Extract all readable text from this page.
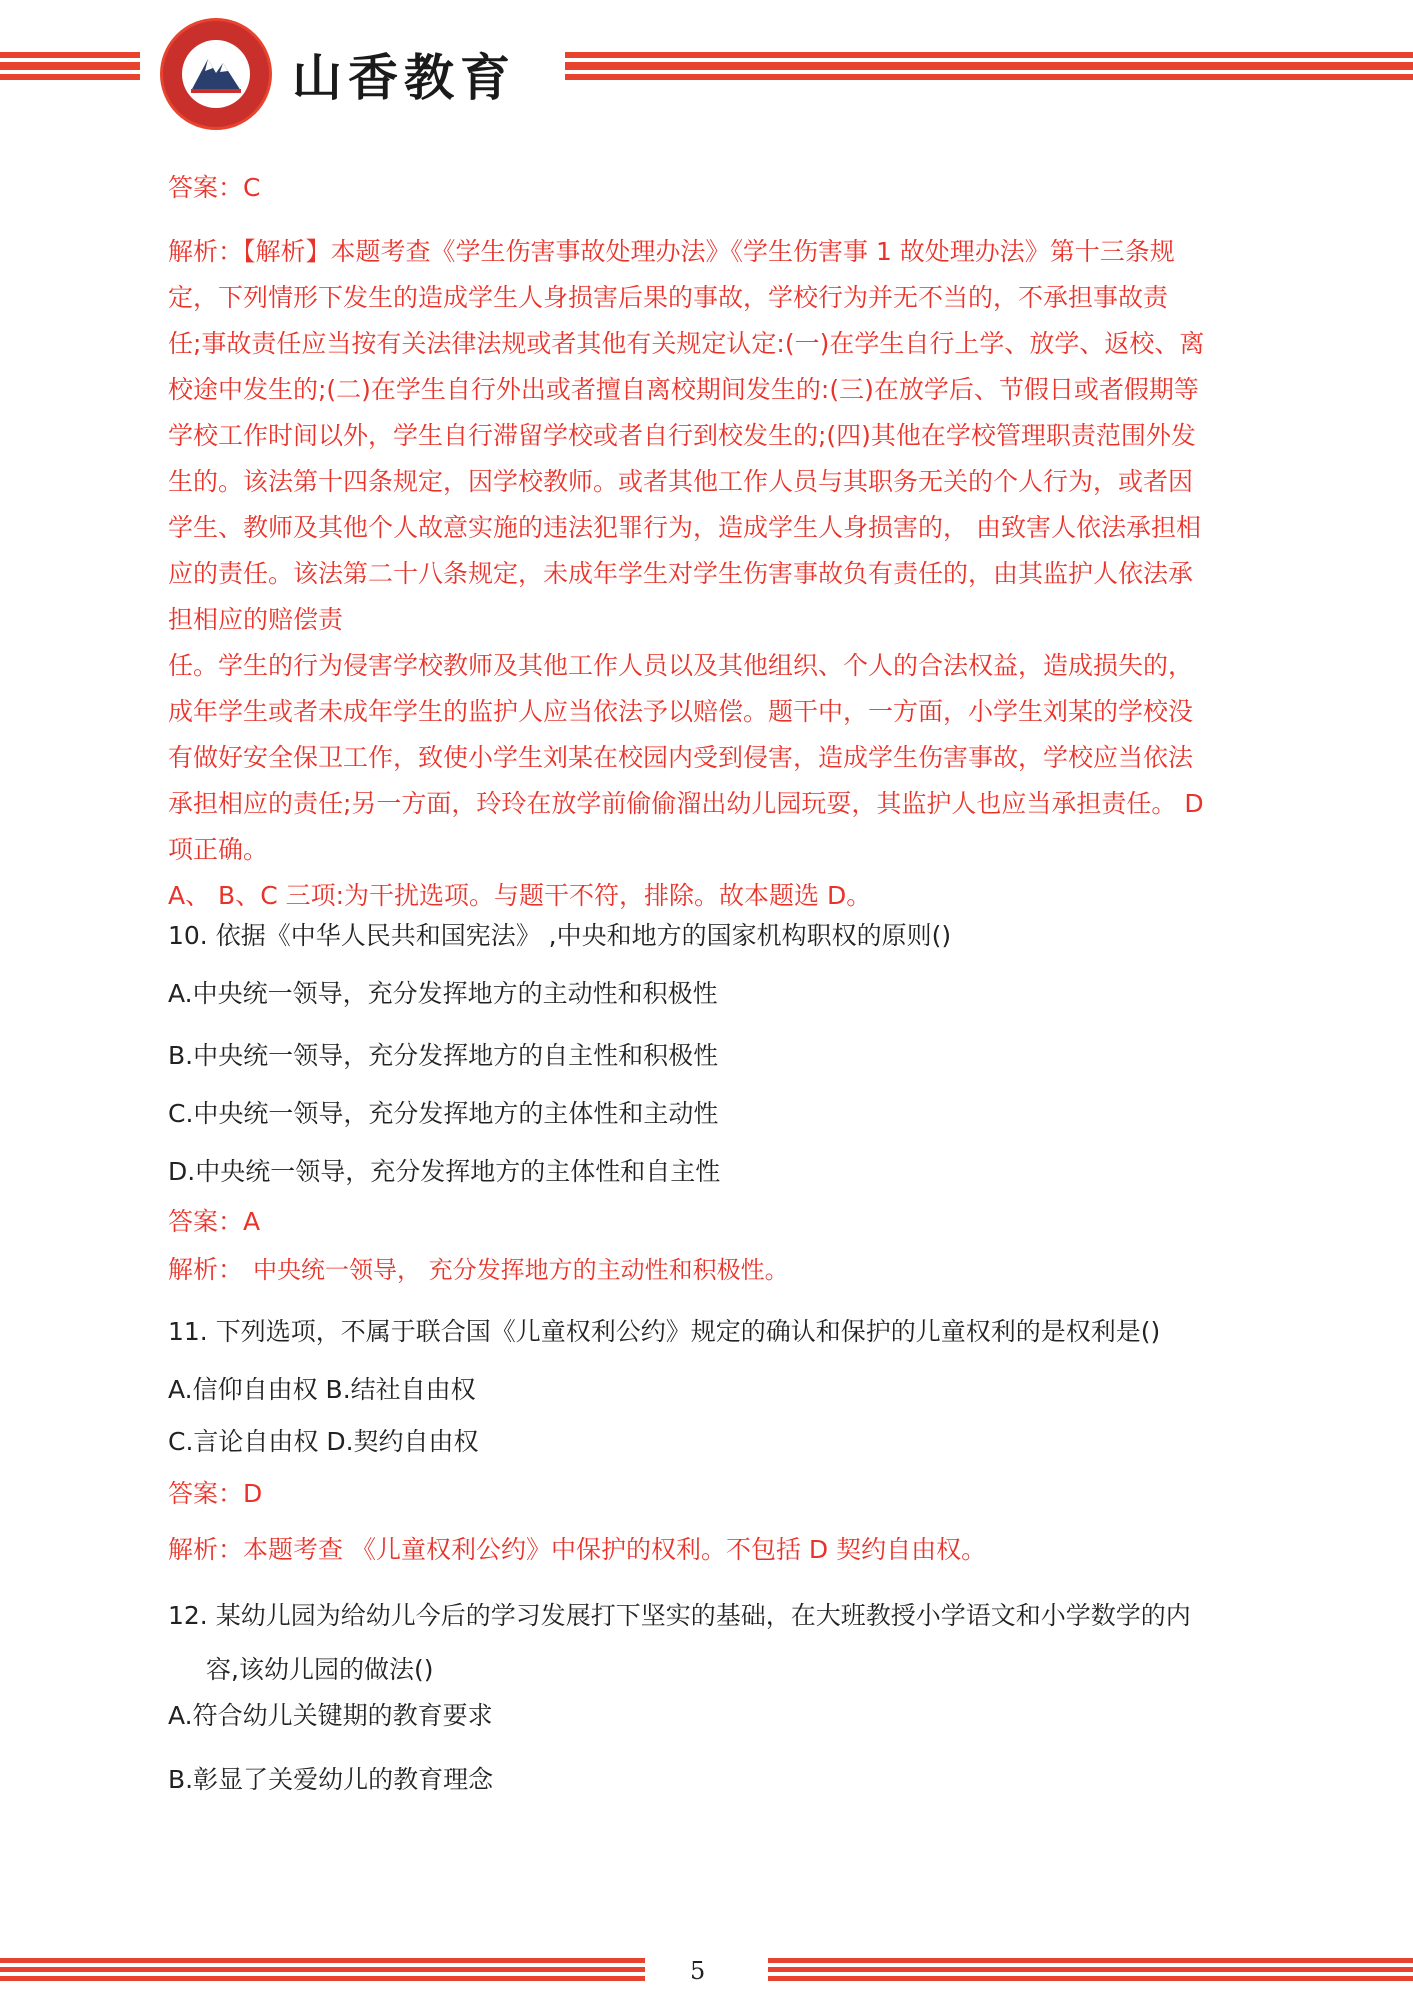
山香教育
答案：C
解析：【解析】本题考查《学生伤害事故处理办法》《学生伤害事 1 故处理办法》第十三条规
定，下列情形下发生的造成学生人身损害后果的事故，学校行为并无不当的，不承担事故责
任;事故责任应当按有关法律法规或者其他有关规定认定:(一)在学生自行上学、放学、返校、离
校途中发生的;(二)在学生自行外出或者擅自离校期间发生的:(三)在放学后、节假日或者假期等
学校工作时间以外，学生自行滞留学校或者自行到校发生的;(四)其他在学校管理职责范围外发
生的。该法第十四条规定，因学校教师。或者其他工作人员与其职务无关的个人行为，或者因
学生、教师及其他个人故意实施的违法犯罪行为，造成学生人身损害的， 由致害人依法承担相
应的责任。该法第二十八条规定，未成年学生对学生伤害事故负有责任的，由其监护人依法承
担相应的赔偿责
任。学生的行为侵害学校教师及其他工作人员以及其他组织、个人的合法权益，造成损失的，
成年学生或者未成年学生的监护人应当依法予以赔偿。题干中，一方面，小学生刘某的学校没
有做好安全保卫工作，致使小学生刘某在校园内受到侵害，造成学生伤害事故，学校应当依法
承担相应的责任;另一方面，玲玲在放学前偷偷溜出幼儿园玩耍，其监护人也应当承担责任。 D
项正确。
A、 B、C 三项:为干扰选项。与题干不符，排除。故本题选 D。
10. 依据《中华人民共和国宪法》 ,中央和地方的国家机构职权的原则()
A.中央统一领导，充分发挥地方的主动性和积极性
B.中央统一领导，充分发挥地方的自主性和积极性
C.中央统一领导，充分发挥地方的主体性和主动性
D.中央统一领导，充分发挥地方的主体性和自主性
答案：A
解析： 中央统一领导， 充分发挥地方的主动性和积极性。
11. 下列选项，不属于联合国《儿童权利公约》规定的确认和保护的儿童权利的是权利是()
A.信仰自由权 B.结社自由权
C.言论自由权 D.契约自由权
答案：D
解析：本题考查 《儿童权利公约》中保护的权利。不包括 D 契约自由权。
12. 某幼儿园为给幼儿今后的学习发展打下坚实的基础，在大班教授小学语文和小学数学的内
容,该幼儿园的做法()
A.符合幼儿关键期的教育要求
B.彰显了关爱幼儿的教育理念
5
